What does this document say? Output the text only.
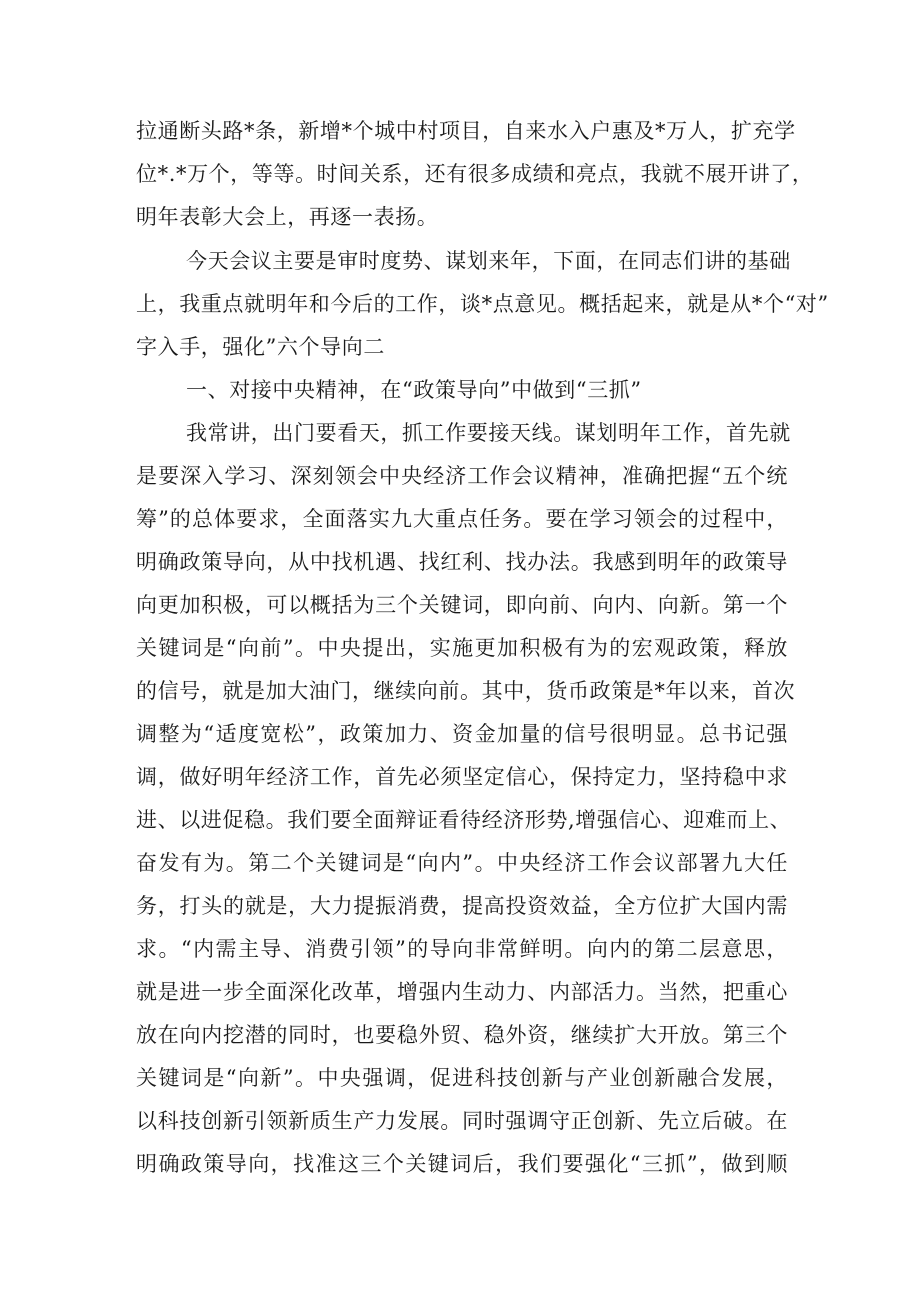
拉通断头路*条，新增*个城中村项目，自来水入户惠及*万人，扩充学
位*.*万个，等等。时间关系，还有很多成绩和亮点，我就不展开讲了，
明年表彰大会上，再逐一表扬。
今天会议主要是审时度势、谋划来年，下面，在同志们讲的基础
上，我重点就明年和今后的工作，谈*点意见。概括起来，就是从*个“对”
字入手，强化”六个导向二
一、对接中央精神，在“政策导向”中做到“三抓”
我常讲，出门要看天，抓工作要接天线。谋划明年工作，首先就
是要深入学习、深刻领会中央经济工作会议精神，准确把握“五个统
筹”的总体要求，全面落实九大重点任务。要在学习领会的过程中，
明确政策导向，从中找机遇、找红利、找办法。我感到明年的政策导
向更加积极，可以概括为三个关键词，即向前、向内、向新。第一个
关键词是“向前”。中央提出，实施更加积极有为的宏观政策，释放
的信号，就是加大油门，继续向前。其中，货币政策是*年以来，首次
调整为“适度宽松”，政策加力、资金加量的信号很明显。总书记强
调，做好明年经济工作，首先必须坚定信心，保持定力，坚持稳中求
进、以进促稳。我们要全面辩证看待经济形势,增强信心、迎难而上、
奋发有为。第二个关键词是“向内”。中央经济工作会议部署九大任
务，打头的就是，大力提振消费，提高投资效益，全方位扩大国内需
求。“内需主导、消费引领”的导向非常鲜明。向内的第二层意思，
就是进一步全面深化改革，增强内生动力、内部活力。当然，把重心
放在向内挖潜的同时，也要稳外贸、稳外资，继续扩大开放。第三个
关键词是“向新”。中央强调，促进科技创新与产业创新融合发展，
以科技创新引领新质生产力发展。同时强调守正创新、先立后破。在
明确政策导向，找准这三个关键词后，我们要强化“三抓”，做到顺
